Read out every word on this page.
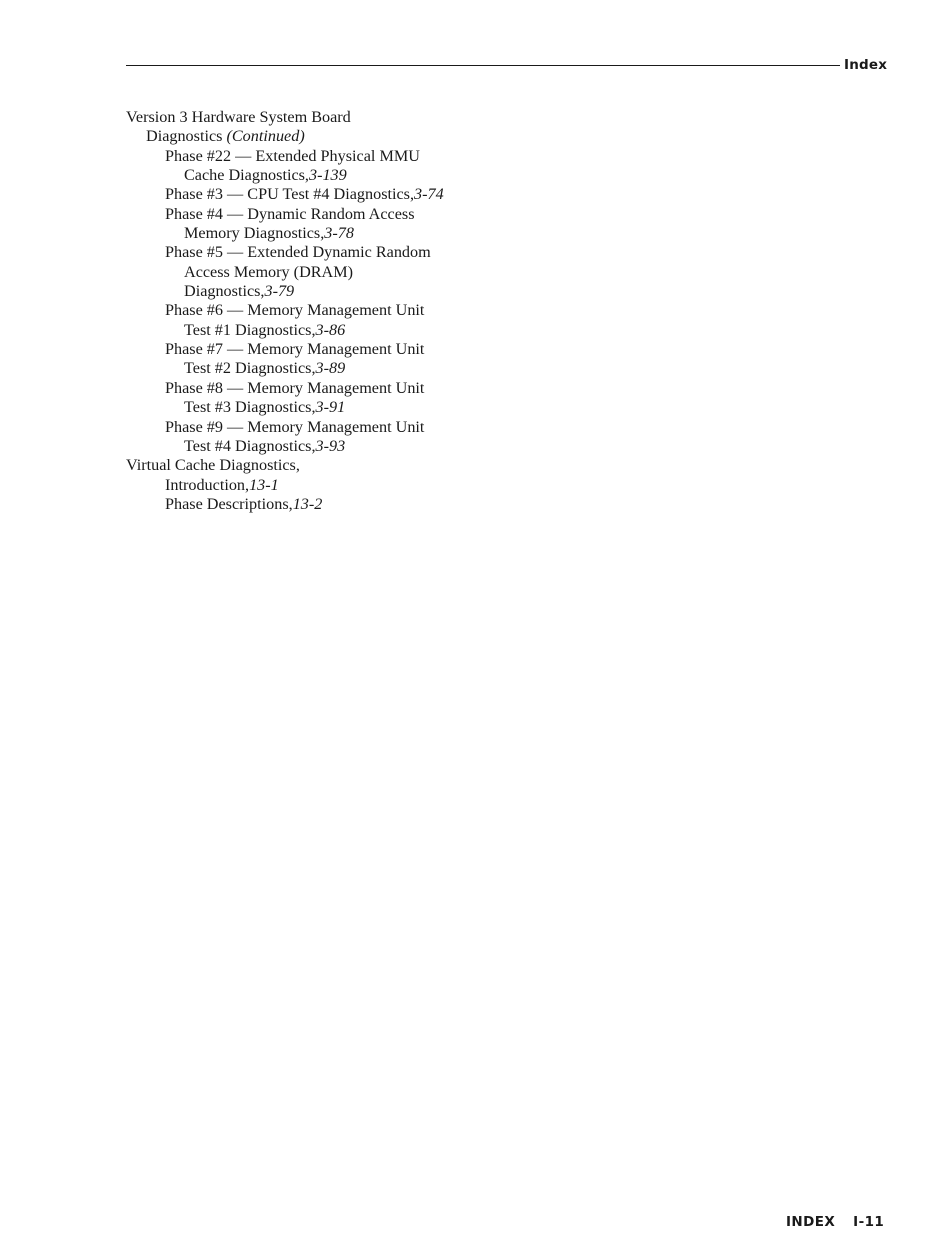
Index
Version 3 Hardware System Board
Diagnostics (Continued)
Phase #22 — Extended Physical MMU
Cache Diagnostics,3-139
Phase #3 — CPU Test #4 Diagnostics,3-74
Phase #4 — Dynamic Random Access
Memory Diagnostics,3-78
Phase #5 — Extended Dynamic Random
Access Memory (DRAM)
Diagnostics,3-79
Phase #6 — Memory Management Unit
Test #1 Diagnostics,3-86
Phase #7 — Memory Management Unit
Test #2 Diagnostics,3-89
Phase #8 — Memory Management Unit
Test #3 Diagnostics,3-91
Phase #9 — Memory Management Unit
Test #4 Diagnostics,3-93
Virtual Cache Diagnostics,
Introduction,13-1
Phase Descriptions,13-2
INDEX I-11
